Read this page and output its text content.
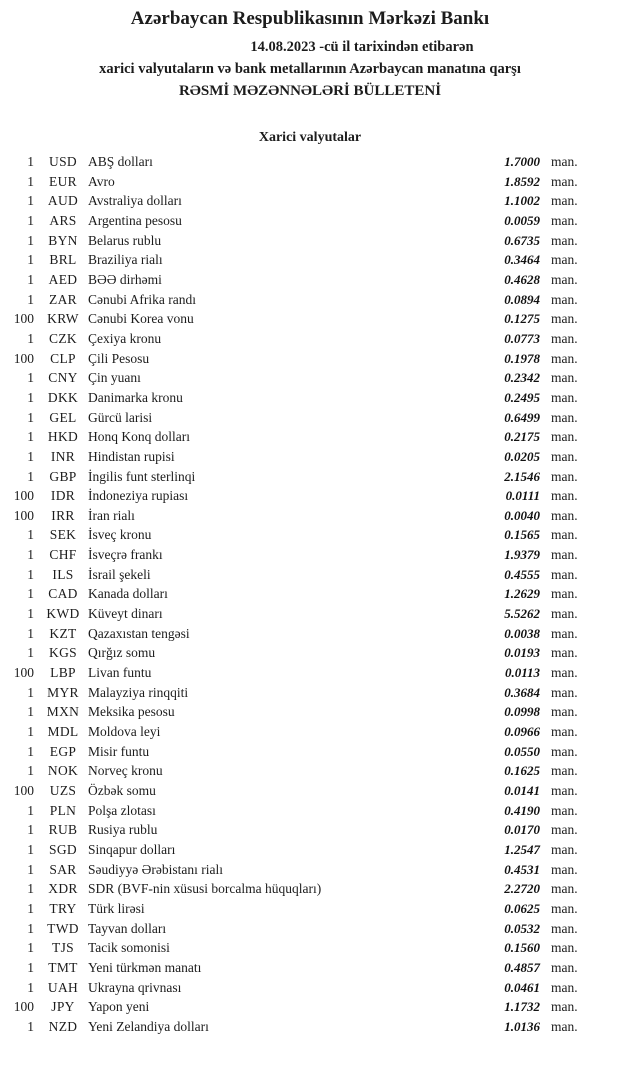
Azərbaycan Respublikasının Mərkəzi Bankı
14.08.2023 -cü il tarixindən etibarən
xarici valyutaların və bank metallarının Azərbaycan manatına qarşı
RƏSMİ MƏZƏNNƏLƏRİ BÜLLETENİ
Xarici valyutalar
1	USD ABŞ dolları	1.7000 man.
1	EUR Avro	1.8592 man.
1	AUD Avstraliya dolları	1.1002 man.
1	ARS Argentina pesosu	0.0059 man.
1	BYN Belarus rublu	0.6735 man.
1	BRL Braziliya rialı	0.3464 man.
1	AED BƏƏ dirhəmi	0.4628 man.
1	ZAR Cənubi Afrika randı	0.0894 man.
100 KRW Cənubi Korea vonu	0.1275 man.
1	CZK Çexiya kronu	0.0773 man.
100	CLP Çili Pesosu	0.1978 man.
1	CNY Çin yuanı	0.2342 man.
1	DKK Danimarka kronu	0.2495 man.
1	GEL Gürcü larisi	0.6499 man.
1	HKD Honq Konq dolları	0.2175 man.
1	INR Hindistan rupisi	0.0205 man.
1	GBP İngilis funt sterlinqi	2.1546 man.
100	IDR İndoneziya rupiası	0.0111 man.
100	IRR İran rialı	0.0040 man.
1	SEK İsveç kronu	0.1565 man.
1	CHF İsveçrə frankı	1.9379 man.
1	ILS	İsrail şekeli	0.4555 man.
1	CAD Kanada dolları	1.2629 man.
1 KWD Küveyt dinarı	5.5262 man.
1	KZT Qazaxıstan tengəsi	0.0038 man.
1	KGS Qırğız somu	0.0193 man.
100	LBP Livan funtu	0.0113 man.
1 MYR Malayziya rinqqiti	0.3684 man.
1 MXN Meksika pesosu	0.0998 man.
1	MDL Moldova leyi	0.0966 man.
1	EGP Misir funtu	0.0550 man.
1	NOK Norveç kronu	0.1625 man.
100	UZS Özbək somu	0.0141 man.
1	PLN Polşa zlotası	0.4190 man.
1	RUB Rusiya rublu	0.0170 man.
1	SGD Sinqapur dolları	1.2547 man.
1	SAR Səudiyyə Ərəbistanı rialı	0.4531 man.
1	XDR SDR (BVF-nin xüsusi borcalma hüquqları)	2.2720 man.
1	TRY Türk lirəsi	0.0625 man.
1 TWD Tayvan dolları	0.0532 man.
1	TJS	Tacik somonisi	0.1560 man.
1	TMT Yeni türkmən manatı	0.4857 man.
1	UAH Ukrayna qrivnası	0.0461 man.
100	JPY Yapon yeni	1.1732 man.
1	NZD Yeni Zelandiya dolları	1.0136 man.
